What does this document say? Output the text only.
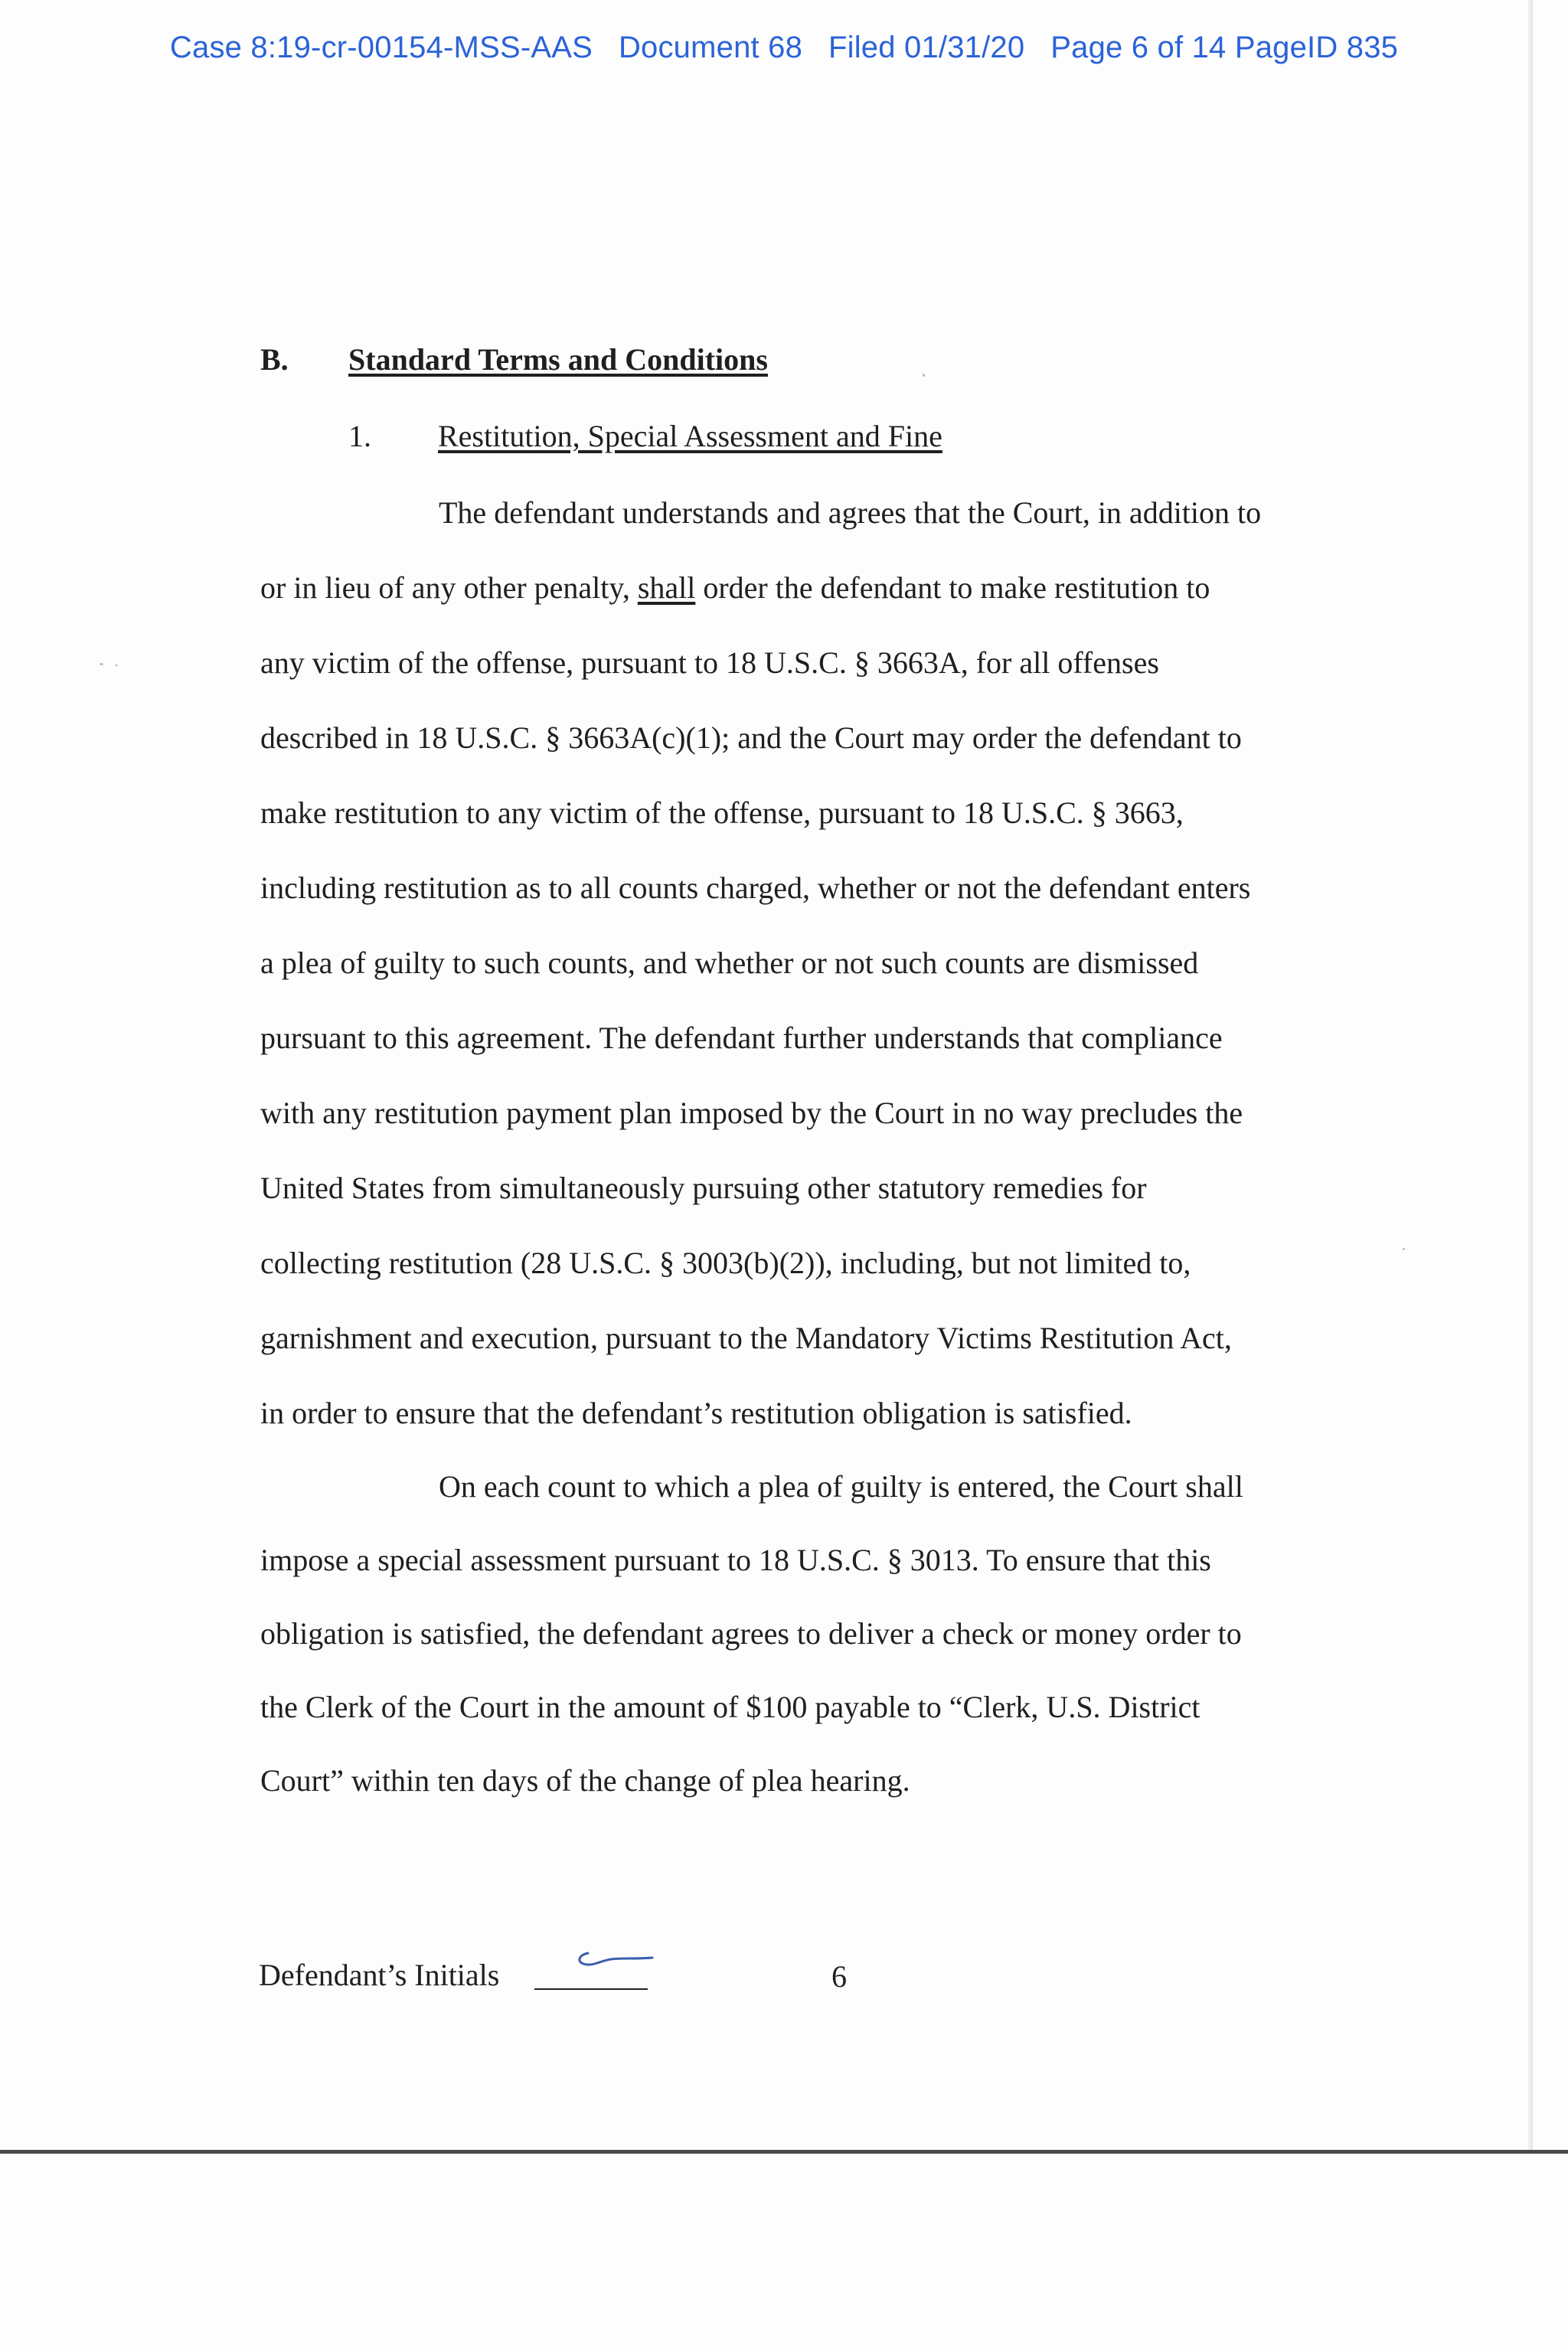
Case 8:19-cr-00154-MSS-AAS   Document 68   Filed 01/31/20   Page 6 of 14 PageID 835
B. Standard Terms and Conditions
1. Restitution, Special Assessment and Fine
The defendant understands and agrees that the Court, in addition to
or in lieu of any other penalty, shall order the defendant to make restitution to
any victim of the offense, pursuant to 18 U.S.C. § 3663A, for all offenses
described in 18 U.S.C. § 3663A(c)(1); and the Court may order the defendant to
make restitution to any victim of the offense, pursuant to 18 U.S.C. § 3663,
including restitution as to all counts charged, whether or not the defendant enters
a plea of guilty to such counts, and whether or not such counts are dismissed
pursuant to this agreement. The defendant further understands that compliance
with any restitution payment plan imposed by the Court in no way precludes the
United States from simultaneously pursuing other statutory remedies for
collecting restitution (28 U.S.C. § 3003(b)(2)), including, but not limited to,
garnishment and execution, pursuant to the Mandatory Victims Restitution Act,
in order to ensure that the defendant’s restitution obligation is satisfied.
On each count to which a plea of guilty is entered, the Court shall
impose a special assessment pursuant to 18 U.S.C. § 3013. To ensure that this
obligation is satisfied, the defendant agrees to deliver a check or money order to
the Clerk of the Court in the amount of $100 payable to “Clerk, U.S. District
Court” within ten days of the change of plea hearing.
Defendant’s Initials	6
